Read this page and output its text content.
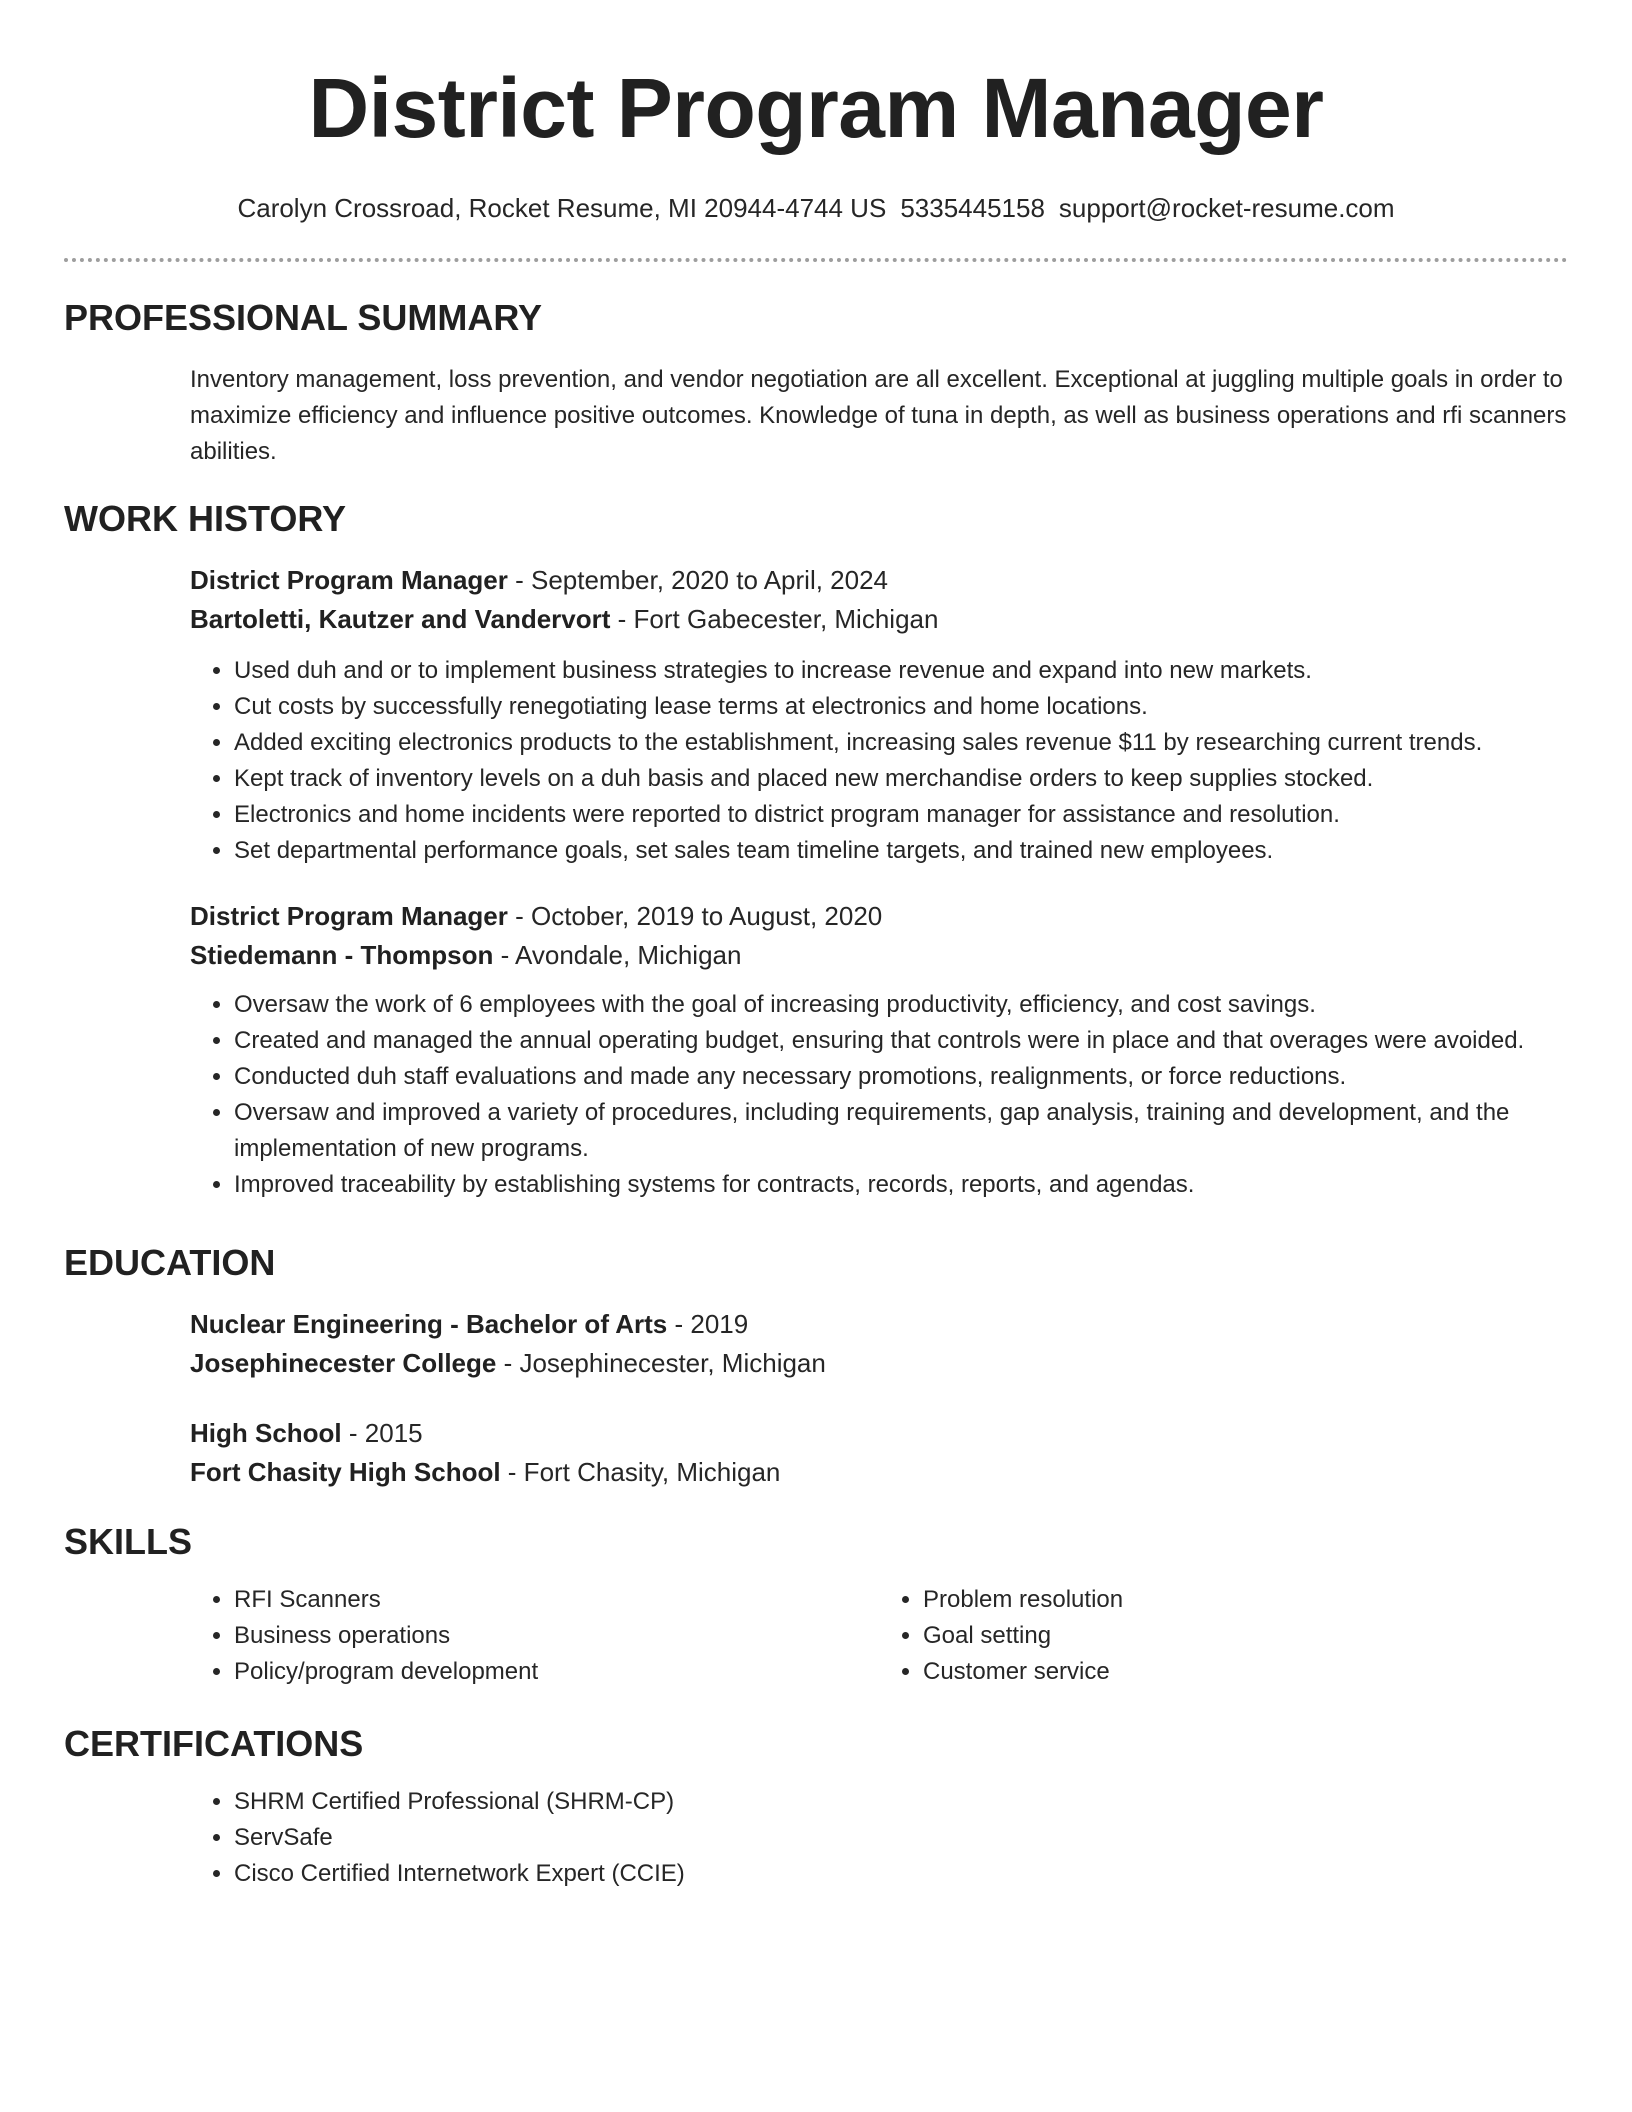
District Program Manager
Carolyn Crossroad, Rocket Resume, MI 20944-4744 US 5335445158 support@rocket-resume.com
PROFESSIONAL SUMMARY

Inventory management, loss prevention, and vendor negotiation are all excellent. Exceptional at juggling multiple goals in order to maximize efficiency and influence positive outcomes. Knowledge of tuna in depth, as well as business operations and rfi scanners abilities.

WORK HISTORY
District Program Manager - September, 2020 to April, 2024
Bartoletti, Kautzer and Vandervort - Fort Gabecester, Michigan
• Used duh and or to implement business strategies to increase revenue and expand into new markets.
• Cut costs by successfully renegotiating lease terms at electronics and home locations.
• Added exciting electronics products to the establishment, increasing sales revenue $11 by researching current trends.
• Kept track of inventory levels on a duh basis and placed new merchandise orders to keep supplies stocked.
• Electronics and home incidents were reported to district program manager for assistance and resolution.
• Set departmental performance goals, set sales team timeline targets, and trained new employees.
District Program Manager - October, 2019 to August, 2020
Stiedemann - Thompson - Avondale, Michigan
• Oversaw the work of 6 employees with the goal of increasing productivity, efficiency, and cost savings.
• Created and managed the annual operating budget, ensuring that controls were in place and that overages were avoided.
• Conducted duh staff evaluations and made any necessary promotions, realignments, or force reductions.
• Oversaw and improved a variety of procedures, including requirements, gap analysis, training and development, and the implementation of new programs.
• Improved traceability by establishing systems for contracts, records, reports, and agendas.
EDUCATION
Nuclear Engineering - Bachelor of Arts - 2019
Josephinecester College - Josephinecester, Michigan
High School - 2015
Fort Chasity High School - Fort Chasity, Michigan
SKILLS
• RFI Scanners
• Business operations
• Policy/program development
• Problem resolution
• Goal setting
• Customer service
CERTIFICATIONS
• SHRM Certified Professional (SHRM-CP)
• ServSafe
• Cisco Certified Internetwork Expert (CCIE)
